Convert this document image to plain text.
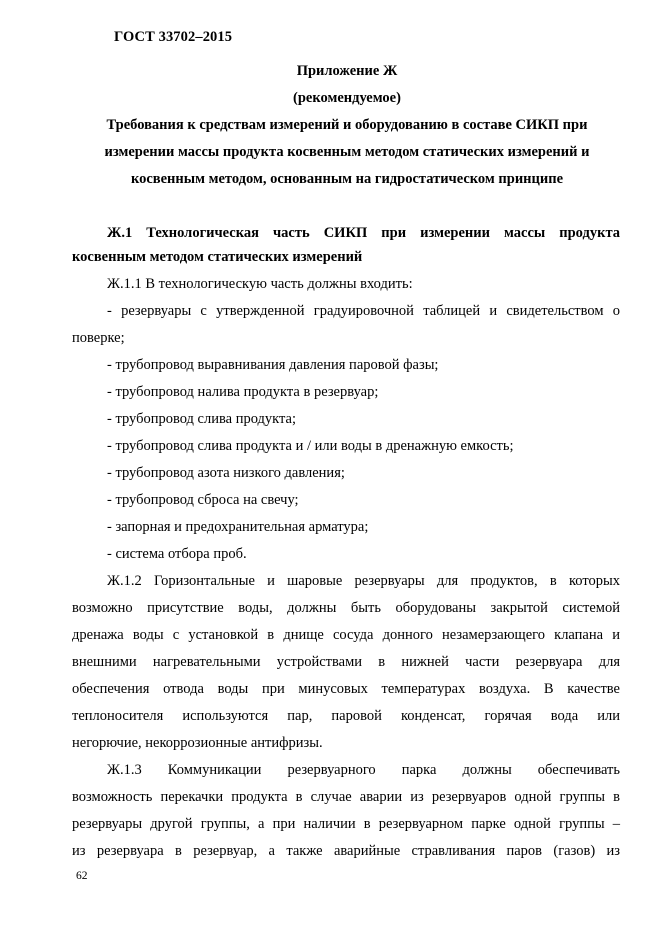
ГОСТ 33702–2015
Приложение Ж
(рекомендуемое)
Требования к средствам измерений и оборудованию в составе СИКП при
измерении массы продукта косвенным методом статических измерений и
косвенным методом, основанным на гидростатическом принципе
Ж.1 Технологическая часть СИКП при измерении массы продукта
косвенным методом статических измерений
Ж.1.1 В технологическую часть должны входить:
- резервуары с утвержденной градуировочной таблицей и свидетельством о
поверке;
- трубопровод выравнивания давления паровой фазы;
- трубопровод налива продукта в резервуар;
- трубопровод слива продукта;
- трубопровод слива продукта и / или воды в дренажную емкость;
- трубопровод азота низкого давления;
- трубопровод сброса на свечу;
- запорная и предохранительная арматура;
- система отбора проб.
Ж.1.2 Горизонтальные и шаровые резервуары для продуктов, в которых
возможно присутствие воды, должны быть оборудованы закрытой системой
дренажа воды с установкой в днище сосуда донного незамерзающего клапана и
внешними нагревательными устройствами в нижней части резервуара для
обеспечения отвода воды при минусовых температурах воздуха. В качестве
теплоносителя используются пар, паровой конденсат, горячая вода или
негорючие, некоррозионные антифризы.
Ж.1.3 Коммуникации резервуарного парка должны обеспечивать
возможность перекачки продукта в случае аварии из резервуаров одной группы в
резервуары другой группы, а при наличии в резервуарном парке одной группы –
из резервуара в резервуар, а также аварийные стравливания паров (газов) из
62
